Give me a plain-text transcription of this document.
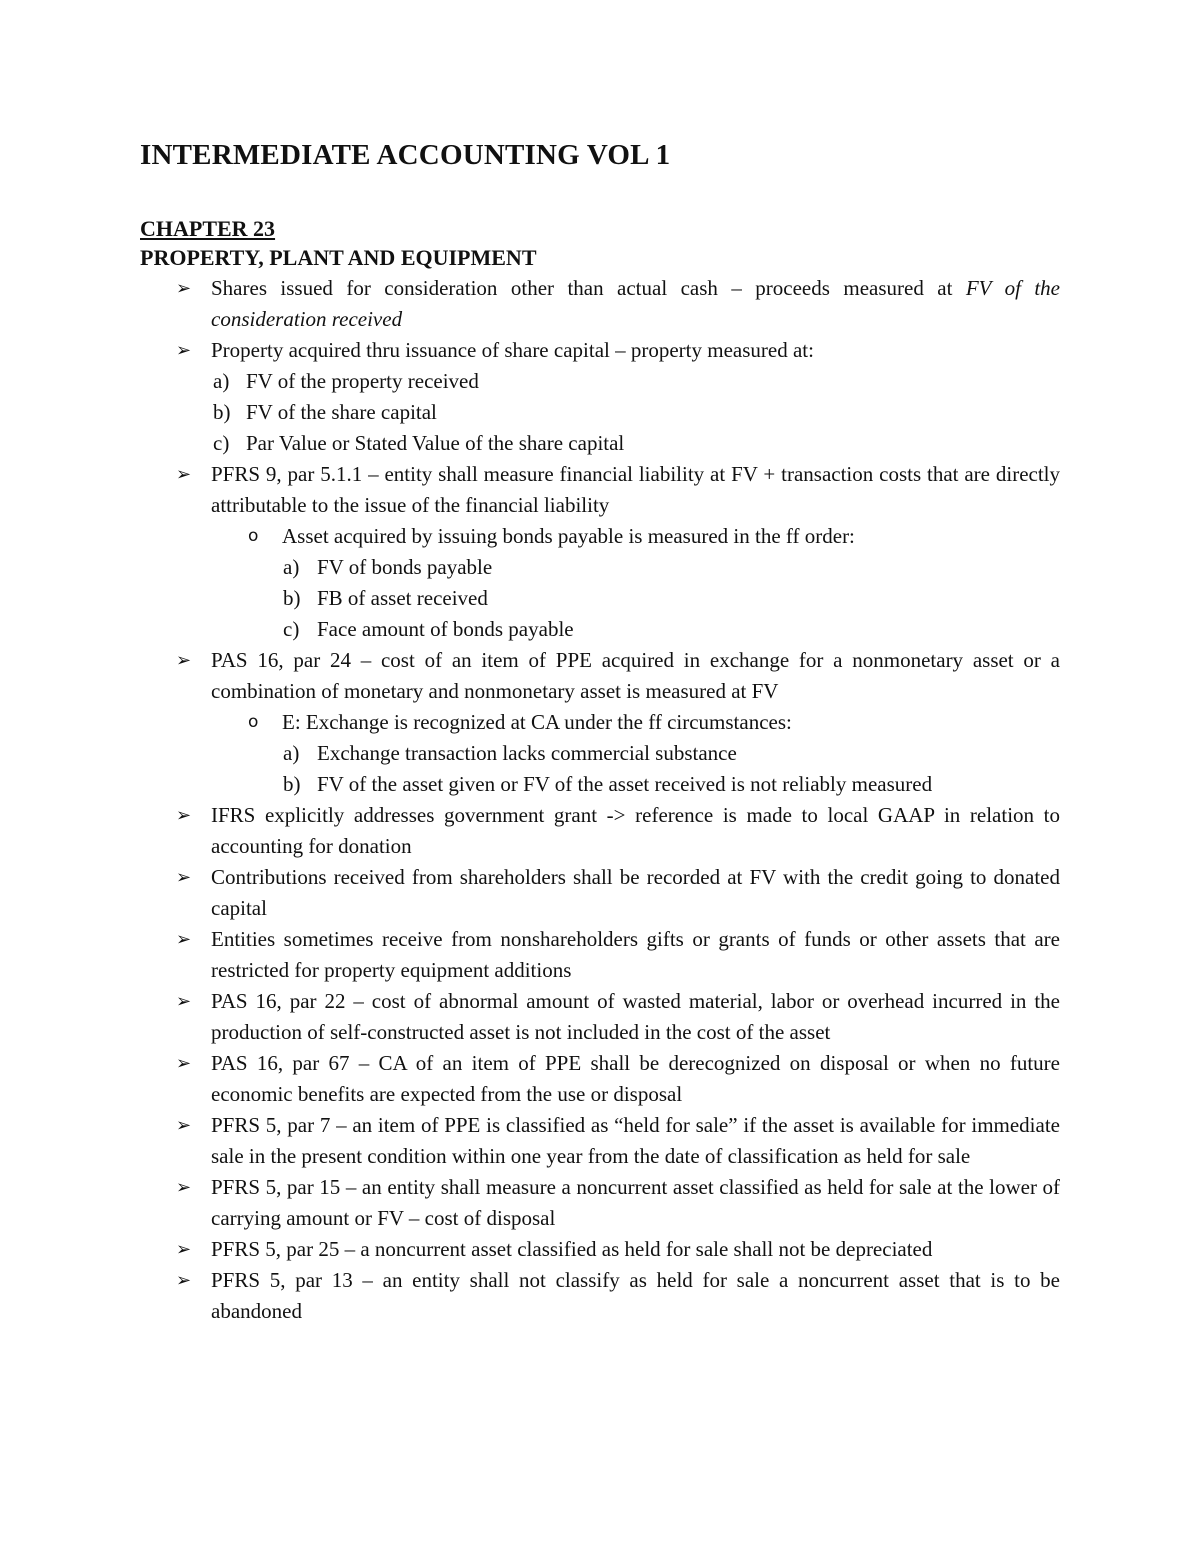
INTERMEDIATE ACCOUNTING VOL 1
CHAPTER 23
PROPERTY, PLANT AND EQUIPMENT
➢ Shares issued for consideration other than actual cash – proceeds measured at FV of the consideration received

➢ Property acquired thru issuance of share capital – property measured at:

a) FV of the property received
b) FV of the share capital
c) Par Value or Stated Value of the share capital
➢ PFRS 9, par 5.1.1 – entity shall measure financial liability at FV + transaction costs that are directly attributable to the issue of the financial liability

o Asset acquired by issuing bonds payable is measured in the ff order:
a) FV of bonds payable
b) FB of asset received
c) Face amount of bonds payable
➢ PAS 16, par 24 – cost of an item of PPE acquired in exchange for a nonmonetary asset or a combination of monetary and nonmonetary asset is measured at FV

o E: Exchange is recognized at CA under the ff circumstances:
a) Exchange transaction lacks commercial substance
b) FV of the asset given or FV of the asset received is not reliably measured
➢ IFRS explicitly addresses government grant -> reference is made to local GAAP in relation to accounting for donation

➢ Contributions received from shareholders shall be recorded at FV with the credit going to donated capital

➢ Entities sometimes receive from nonshareholders gifts or grants of funds or other assets that are restricted for property equipment additions

➢ PAS 16, par 22 – cost of abnormal amount of wasted material, labor or overhead incurred in the production of self-constructed asset is not included in the cost of the asset

➢ PAS 16, par 67 – CA of an item of PPE shall be derecognized on disposal or when no future economic benefits are expected from the use or disposal

➢ PFRS 5, par 7 – an item of PPE is classified as “held for sale” if the asset is available for immediate sale in the present condition within one year from the date of classification as held for sale

➢ PFRS 5, par 15 – an entity shall measure a noncurrent asset classified as held for sale at the lower of carrying amount or FV – cost of disposal

➢ PFRS 5, par 25 – a noncurrent asset classified as held for sale shall not be depreciated

➢ PFRS 5, par 13 – an entity shall not classify as held for sale a noncurrent asset that is to be abandoned
